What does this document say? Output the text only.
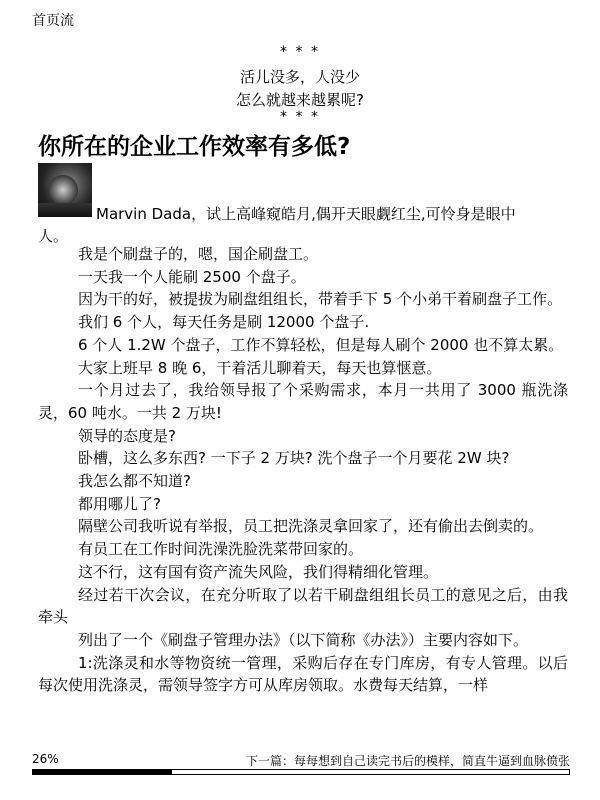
首页流
* * *
活儿没多，人没少
怎么就越来越累呢?
* * *
你所在的企业工作效率有多低?
Marvin Dada，试上高峰窥皓月,偶开天眼觑红尘,可怜身是眼中
人。

我是个刷盘子的，嗯，国企刷盘工。

一天我一个人能刷 2500 个盘子。

因为干的好，被提拔为刷盘组组长，带着手下 5 个小弟干着刷盘子工作。

我们 6 个人，每天任务是刷 12000 个盘子.

6 个人 1.2W 个盘子，工作不算轻松，但是每人刷个 2000 也不算太累。

大家上班早 8 晚 6，干着活儿聊着天，每天也算惬意。

一个月过去了，我给领导报了个采购需求，本月一共用了 3000 瓶洗涤灵，60 吨水。一共 2 万块!

领导的态度是?

卧槽，这么多东西? 一下子 2 万块? 洗个盘子一个月要花 2W 块?

我怎么都不知道?

都用哪儿了?

隔壁公司我听说有举报，员工把洗涤灵拿回家了，还有偷出去倒卖的。

有员工在工作时间洗澡洗脸洗菜带回家的。

这不行，这有国有资产流失风险，我们得精细化管理。

经过若干次会议，在充分听取了以若干刷盘组组长员工的意见之后，由我牵头

列出了一个《刷盘子管理办法》（以下简称《办法》）主要内容如下。

1:洗涤灵和水等物资统一管理，采购后存在专门库房，有专人管理。以后每次使用洗涤灵，需领导签字方可从库房领取。水费每天结算，一样

26%	下一篇：每每想到自己读完书后的模样，简直牛逼到血脉偾张
